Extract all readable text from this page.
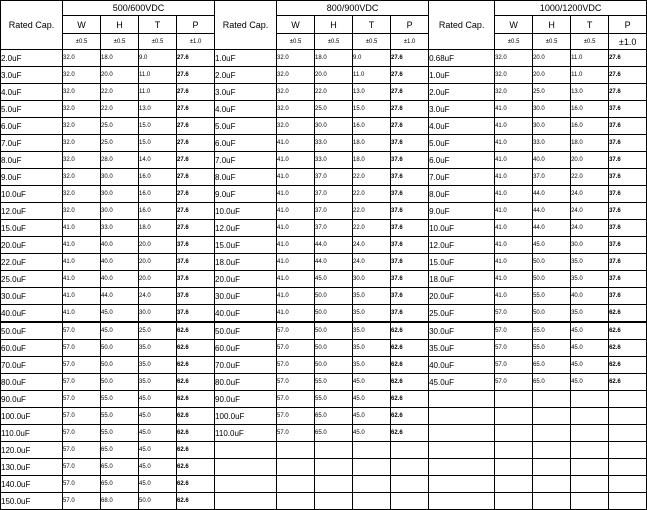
Rated Cap.	500/600VDC				Rated Cap.	800/900VDC				Rated Cap.	1000/1200VDC			
	W	H	T	P		W	H	T	P		W	H	T	P
	±0.5	±0.5	±0.5	±1.0		±0.5	±0.5	±0.5	±1.0		±0.5	±0.5	±0.5	±1.0
2.0uF	32.0	18.0	9.0	27.6	1.0uF	32.0	18.0	9.0	27.6	0.68uF	32.0	20.0	11.0	27.6
3.0uF	32.0	20.0	11.0	27.6	2.0uF	32.0	20.0	11.0	27.6	1.0uF	32.0	20.0	11.0	27.6
4.0uF	32.0	22.0	11.0	27.6	3.0uF	32.0	22.0	13.0	27.6	2.0uF	32.0	25.0	13.0	27.6
5.0uF	32.0	22.0	13.0	27.6	4.0uF	32.0	25.0	15.0	27.6	3.0uF	41.0	30.0	16.0	37.6
6.0uF	32.0	25.0	15.0	27.6	5.0uF	32.0	30.0	16.0	27.6	4.0uF	41.0	30.0	16.0	37.6
7.0uF	32.0	25.0	15.0	27.6	6.0uF	41.0	33.0	18.0	37.6	5.0uF	41.0	33.0	18.0	37.6
8.0uF	32.0	28.0	14.0	27.6	7.0uF	41.0	33.0	18.0	37.6	6.0uF	41.0	40.0	20.0	37.6
9.0uF	32.0	30.0	16.0	27.6	8.0uF	41.0	37.0	22.0	37.6	7.0uF	41.0	37.0	22.0	37.6
10.0uF	32.0	30.0	16.0	27.6	9.0uF	41.0	37.0	22.0	37.6	8.0uF	41.0	44.0	24.0	37.6
12.0uF	32.0	30.0	16.0	27.6	10.0uF	41.0	37.0	22.0	37.6	9.0uF	41.0	44.0	24.0	37.6
15.0uF	41.0	33.0	18.0	27.6	12.0uF	41.0	37.0	22.0	37.6	10.0uF	41.0	44.0	24.0	37.6
20.0uF	41.0	40.0	20.0	37.6	15.0uF	41.0	44.0	24.0	37.6	12.0uF	41.0	45.0	30.0	37.6
22.0uF	41.0	40.0	20.0	37.6	18.0uF	41.0	44.0	24.0	37.6	15.0uF	41.0	50.0	35.0	37.6
25.0uF	41.0	40.0	20.0	37.6	20.0uF	41.0	45.0	30.0	37.6	18.0uF	41.0	50.0	35.0	37.6
30.0uF	41.0	44.0	24.0	37.6	30.0uF	41.0	50.0	35.0	37.6	20.0uF	41.0	55.0	40.0	37.6
40.0uF	41.0	45.0	30.0	37.6	40.0uF	41.0	50.0	35.0	37.6	25.0uF	57.0	50.0	35.0	62.6
50.0uF	57.0	45.0	25.0	62.6	50.0uF	57.0	50.0	35.0	62.6	30.0uF	57.0	55.0	45.0	62.6
60.0uF	57.0	50.0	35.0	62.6	60.0uF	57.0	50.0	35.0	62.6	35.0uF	57.0	55.0	45.0	62.6
70.0uF	57.0	50.0	35.0	62.6	70.0uF	57.0	50.0	35.0	62.6	40.0uF	57.0	65.0	45.0	62.6
80.0uF	57.0	50.0	35.0	62.6	80.0uF	57.0	55.0	45.0	62.6	45.0uF	57.0	65.0	45.0	62.6
90.0uF	57.0	55.0	45.0	62.6	90.0uF	57.0	55.0	45.0	62.6					
100.0uF	57.0	55.0	45.0	62.6	100.0uF	57.0	65.0	45.0	62.6					
110.0uF	57.0	55.0	45.0	62.6	110.0uF	57.0	65.0	45.0	62.6					
120.0uF	57.0	65.0	45.0	62.6										
130.0uF	57.0	65.0	45.0	62.6										
140.0uF	57.0	65.0	45.0	62.6										
150.0uF	57.0	68.0	50.0	62.6										
